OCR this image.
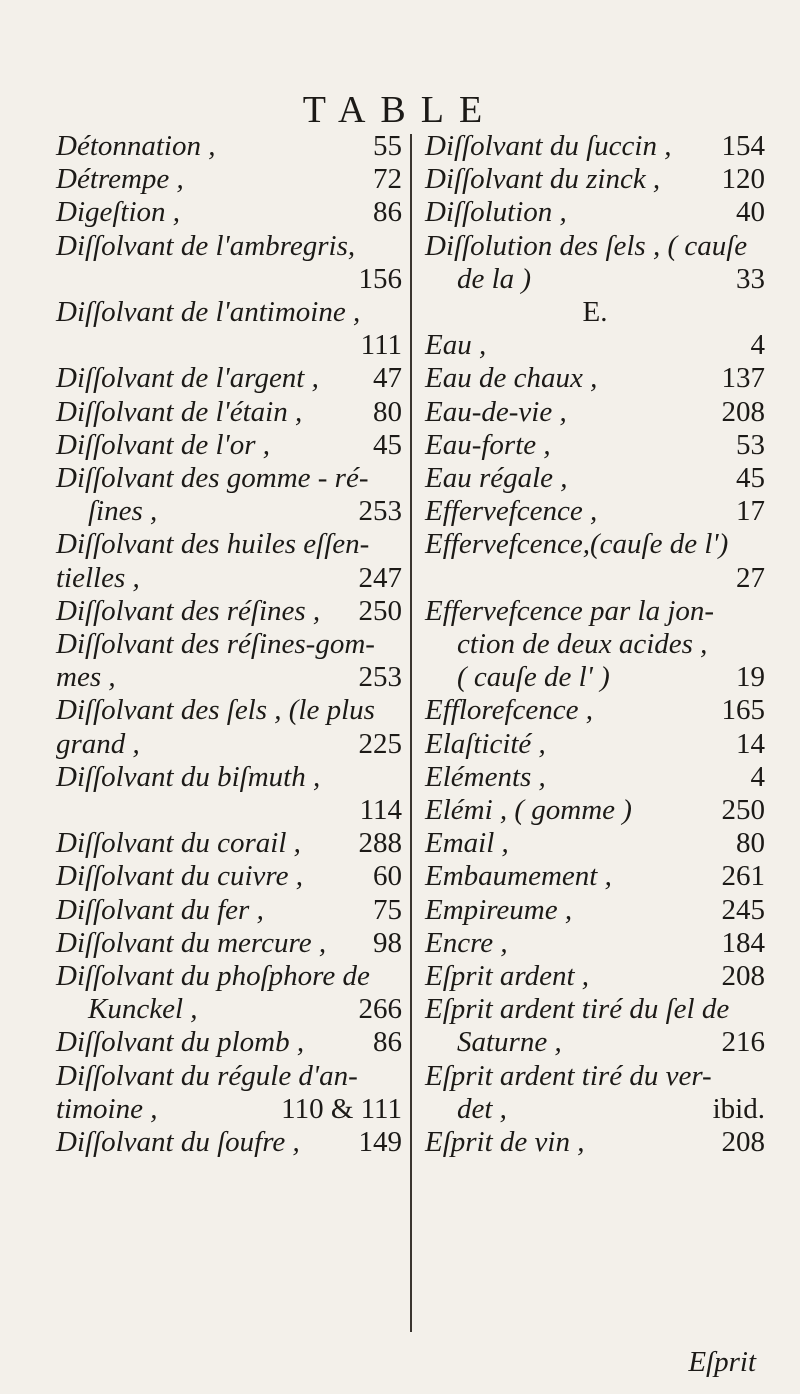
TABLE
Détonnation ,	55
Détrempe ,	72
Digeſtion ,	86
Diſſolvant de l'ambregris,

156
Diſſolvant de l'antimoine ,

111
Diſſolvant de l'argent , 47
Diſſolvant de l'étain , 80
Diſſolvant de l'or ,	45
Diſſolvant des gomme - ré-
ſines ,	253
Diſſolvant des huiles eſſen-
tielles ,	247
Diſſolvant des réſines , 250
Diſſolvant des réſines-gom-
mes ,	253
Diſſolvant des ſels , (le plus
grand ,	225
Diſſolvant du biſmuth ,

114
Diſſolvant du corail , 288
Diſſolvant du cuivre , 60
Diſſolvant du fer ,	75
Diſſolvant du mercure , 98
Diſſolvant du phoſphore de
Kunckel ,	266
Diſſolvant du plomb , 86
Diſſolvant du régule d'an-
timoine ,	110 & 111
Diſſolvant du ſoufre , 149
Diſſolvant du ſuccin , 154
Diſſolvant du zinck , 120
Diſſolution ,	40
Diſſolution des ſels , ( cauſe
de la )	33
E.
Eau ,	4
Eau de chaux ,	137
Eau-de-vie ,	208
Eau-forte ,	53
Eau régale ,	45
Effervefcence ,	17
Effervefcence,(cauſe de l')

27
Effervefcence par la jon-
ction de deux acides ,
( cauſe de l' )	19
Efflorefcence ,	165
Elaſticité ,	14
Eléments ,	4
Elémi , ( gomme )	250
Email ,	80
Embaumement ,	261
Empireume ,	245
Encre ,	184
Eſprit ardent ,	208
Eſprit ardent tiré du ſel de
Saturne ,	216
Eſprit ardent tiré du ver-
det ,	ibid.
Eſprit de vin ,	208
Eſprit
